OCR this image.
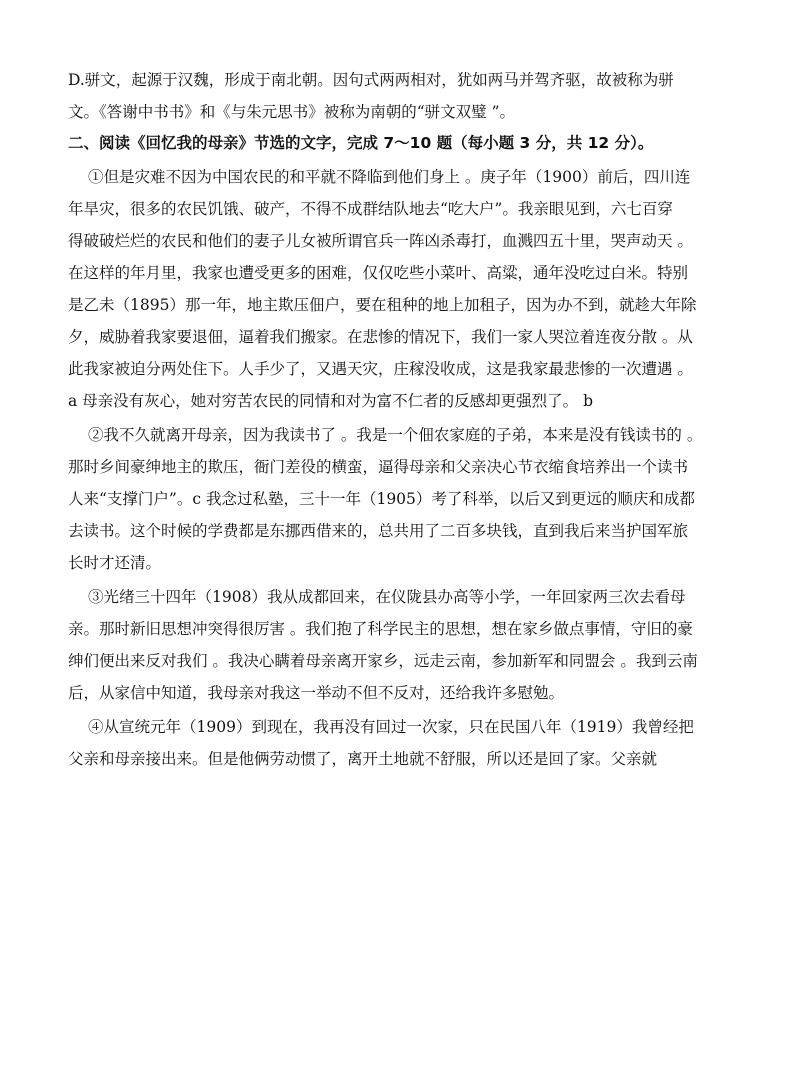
D.骈文，起源于汉魏，形成于南北朝。因句式两两相对，犹如两马并驾齐驱，故被称为骈
文。《答谢中书书》和《与朱元思书》被称为南朝的“骈文双璧 ”。
二、阅读《回忆我的母亲》节选的文字，完成 7～10 题（每小题 3 分，共 12 分）。
①但是灾难不因为中国农民的和平就不降临到他们身上 。庚子年（1900）前后，四川连
年旱灾，很多的农民饥饿、破产，不得不成群结队地去“吃大户”。我亲眼见到，六七百穿
得破破烂烂的农民和他们的妻子儿女被所谓官兵一阵凶杀毒打，血溅四五十里，哭声动天 。
在这样的年月里，我家也遭受更多的困难，仅仅吃些小菜叶、高粱，通年没吃过白米。特别
是乙未（1895）那一年，地主欺压佃户，要在租种的地上加租子，因为办不到，就趁大年除
夕，威胁着我家要退佃，逼着我们搬家。在悲惨的情况下，我们一家人哭泣着连夜分散 。从
此我家被迫分两处住下。人手少了，又遇天灾，庄稼没收成，这是我家最悲惨的一次遭遇 。
a 母亲没有灰心，她对穷苦农民的同情和对为富不仁者的反感却更强烈了。 b
②我不久就离开母亲，因为我读书了 。我是一个佃农家庭的子弟，本来是没有钱读书的 。
那时乡间豪绅地主的欺压，衙门差役的横蛮，逼得母亲和父亲决心节衣缩食培养出一个读书
人来“支撑门户”。c 我念过私塾，三十一年（1905）考了科举，以后又到更远的顺庆和成都
去读书。这个时候的学费都是东挪西借来的，总共用了二百多块钱，直到我后来当护国军旅
长时才还清。
③光绪三十四年（1908）我从成都回来，在仪陇县办高等小学，一年回家两三次去看母
亲。那时新旧思想冲突得很厉害 。我们抱了科学民主的思想，想在家乡做点事情，守旧的豪
绅们便出来反对我们 。我决心瞒着母亲离开家乡，远走云南，参加新军和同盟会 。我到云南
后，从家信中知道，我母亲对我这一举动不但不反对，还给我许多慰勉。
④从宣统元年（1909）到现在，我再没有回过一次家，只在民国八年（1919）我曾经把
父亲和母亲接出来。但是他俩劳动惯了，离开土地就不舒服，所以还是回了家。父亲就
